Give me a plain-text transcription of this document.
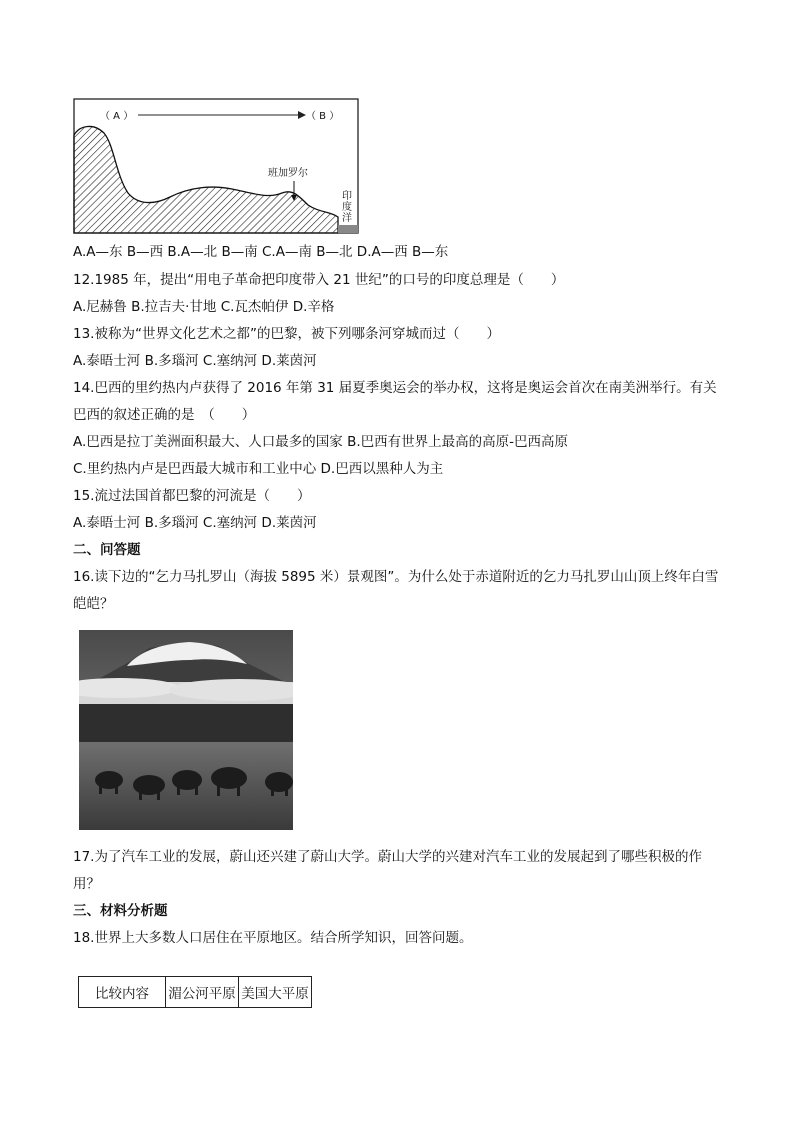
（ A ）	（ B ）
班加罗尔
印
度
洋
A.A—东 B—西 B.A—北 B—南 C.A—南 B—北 D.A—西 B—东
12.1985 年，提出“用电子革命把印度带入 21 世纪”的口号的印度总理是（　　）
A.尼赫鲁 B.拉吉夫·甘地 C.瓦杰帕伊 D.辛格
13.被称为“世界文化艺术之都”的巴黎，被下列哪条河穿城而过（　　）
A.泰晤士河 B.多瑙河 C.塞纳河 D.莱茵河
14.巴西的里约热内卢获得了 2016 年第 31 届夏季奥运会的举办权，这将是奥运会首次在南美洲举行。有关
巴西的叙述正确的是　（　　）
A.巴西是拉丁美洲面积最大、人口最多的国家 B.巴西有世界上最高的高原-巴西高原
C.里约热内卢是巴西最大城市和工业中心 D.巴西以黑种人为主
15.流过法国首都巴黎的河流是（　　）
A.泰晤士河 B.多瑙河 C.塞纳河 D.莱茵河
二、问答题
16.读下边的“乞力马扎罗山（海拔 5895 米）景观图”。为什么处于赤道附近的乞力马扎罗山山顶上终年白雪
皑皑？
17.为了汽车工业的发展，蔚山还兴建了蔚山大学。蔚山大学的兴建对汽车工业的发展起到了哪些积极的作
用？
三、材料分析题
18.世界上大多数人口居住在平原地区。结合所学知识，回答问题。
比较内容	湄公河平原	美国大平原
